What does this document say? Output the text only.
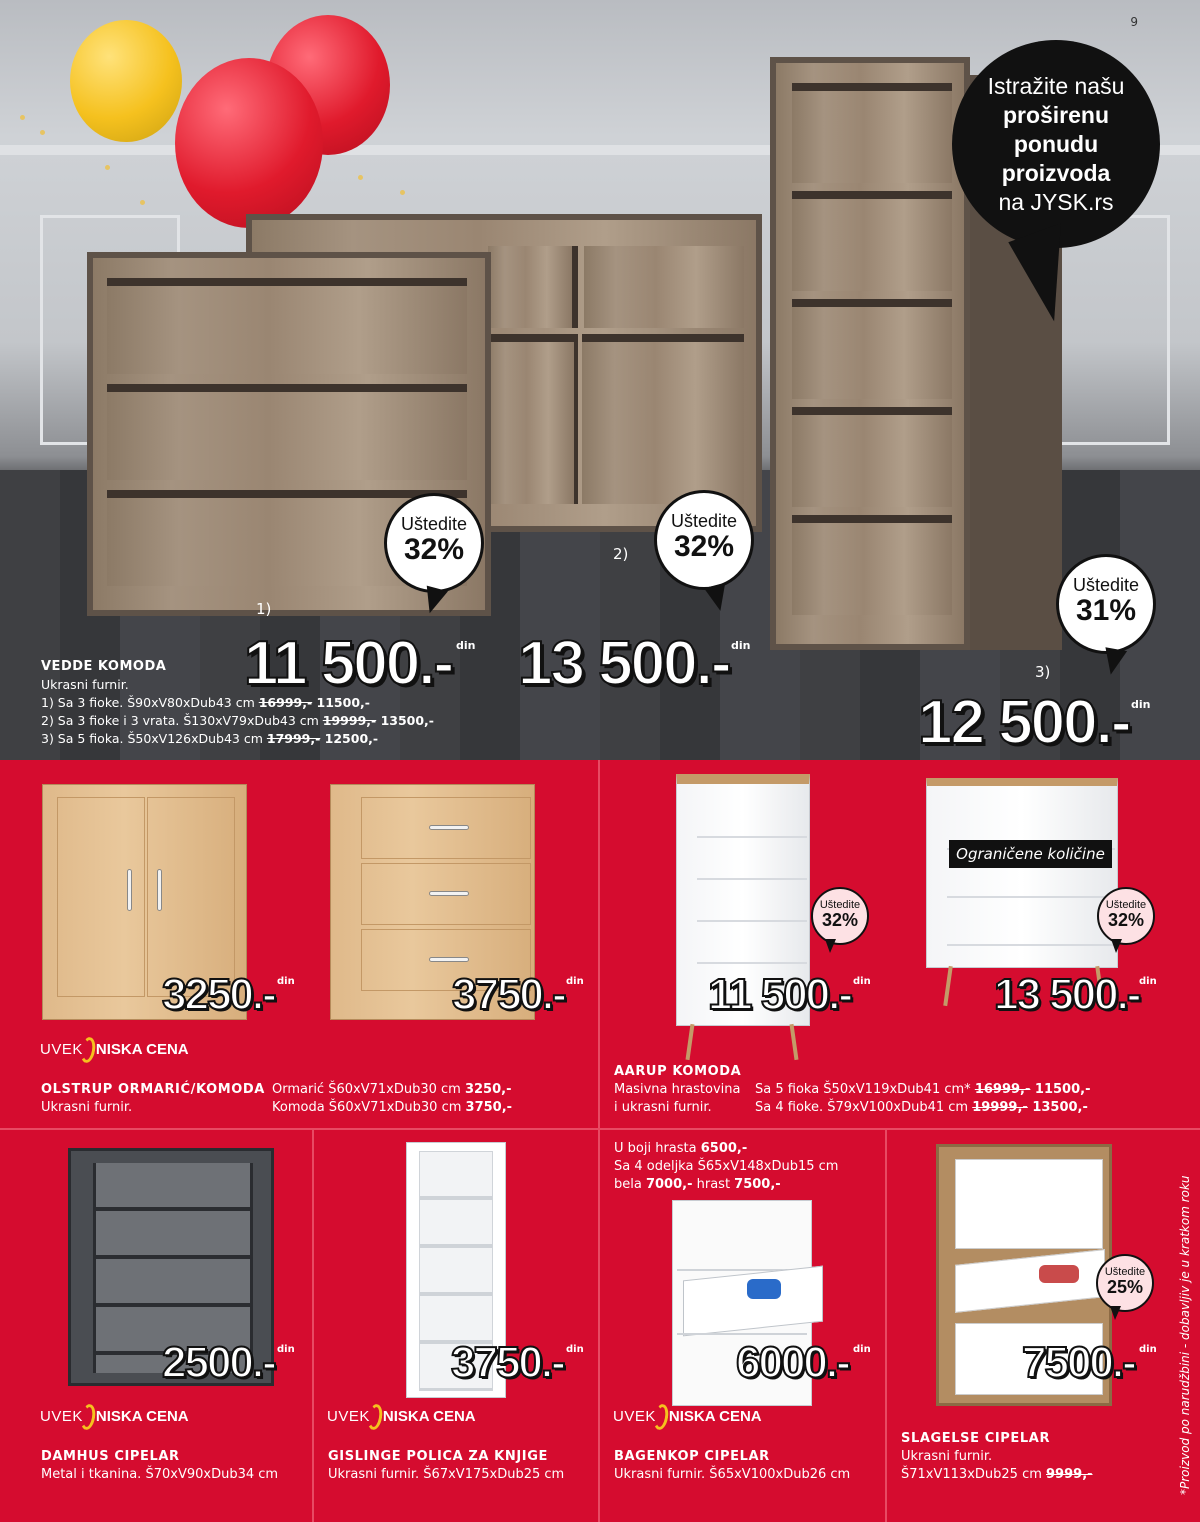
9
Istražite našu
proširenu
ponudu
proizvoda
na JYSK.rs
Uštedite
32%
Uštedite
32%
Uštedite
31%
1)
2)
3)
11 500.- din 13 500.- din
12 500.- din
VEDDE KOMODA
Ukrasni furnir.
1) Sa 3 fioke. Š90xV80xDub43 cm 16999,- 11500,-
2) Sa 3 fioke i 3 vrata. Š130xV79xDub43 cm 19999,- 13500,-
3) Sa 5 fioka. Š50xV126xDub43 cm 17999,- 12500,-
3250.- din	3750.- din
UVEK NISKA CENA
OLSTRUP ORMARIĆ/KOMODA
Ukrasni furnir.
Ormarić Š60xV71xDub30 cm 3250,-
Komoda Š60xV71xDub30 cm 3750,-
Ograničene količine
Uštedite
32%
Uštedite
32%
11 500.- din	13 500.- din
AARUP KOMODA
Masivna hrastovina
i ukrasni furnir.
Sa 5 fioka Š50xV119xDub41 cm* 16999,- 11500,-
Sa 4 fioke. Š79xV100xDub41 cm 19999,- 13500,-
2500.- din
UVEK NISKA CENA
DAMHUS CIPELAR
Metal i tkanina. Š70xV90xDub34 cm
3750.- din
UVEK NISKA CENA
GISLINGE POLICA ZA KNJIGE
Ukrasni furnir. Š67xV175xDub25 cm
U boji hrasta 6500,-
Sa 4 odeljka Š65xV148xDub15 cm
bela 7000,- hrast 7500,-
6000.- din
UVEK NISKA CENA
BAGENKOP CIPELAR
Ukrasni furnir. Š65xV100xDub26 cm
Uštedite
25%
7500.- din
SLAGELSE CIPELAR
Ukrasni furnir.
Š71xV113xDub25 cm 9999,-	*Proizvod po narudžbini - dobavljiv je u kratkom roku
